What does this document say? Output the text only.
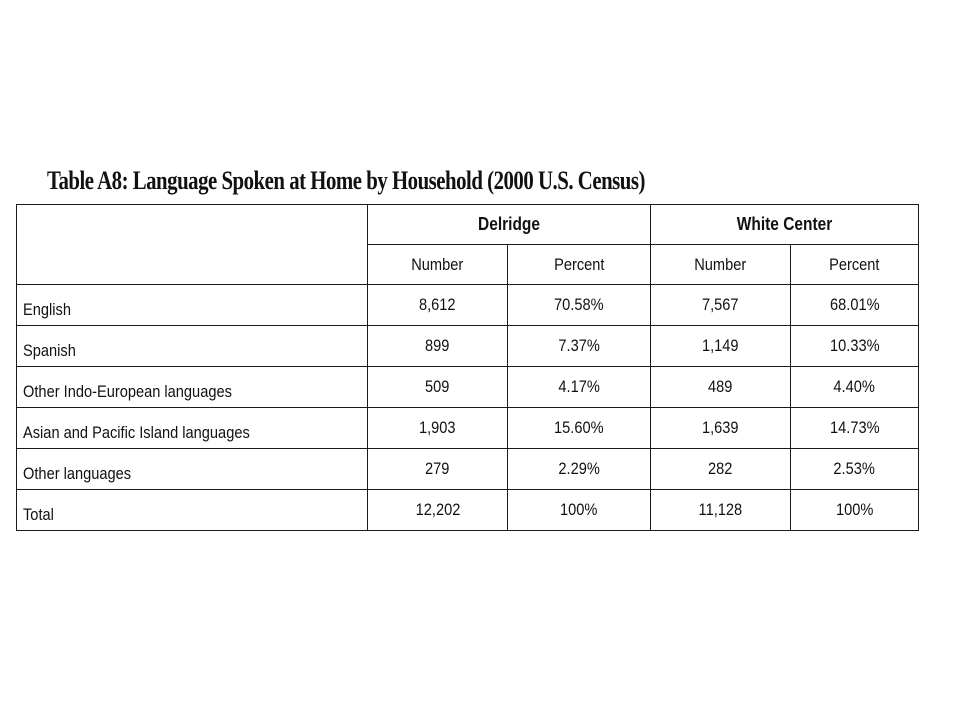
Table A8: Language Spoken at Home by Household (2000 U.S. Census)
	Delridge		White Center	
	Number	Percent	Number	Percent
English	8,612	70.58%	7,567	68.01%
Spanish	899	7.37%	1,149	10.33%
Other Indo-European languages	509	4.17%	489	4.40%
Asian and Pacific Island languages	1,903	15.60%	1,639	14.73%
Other languages	279	2.29%	282	2.53%
Total	12,202	100%	11,128	100%
